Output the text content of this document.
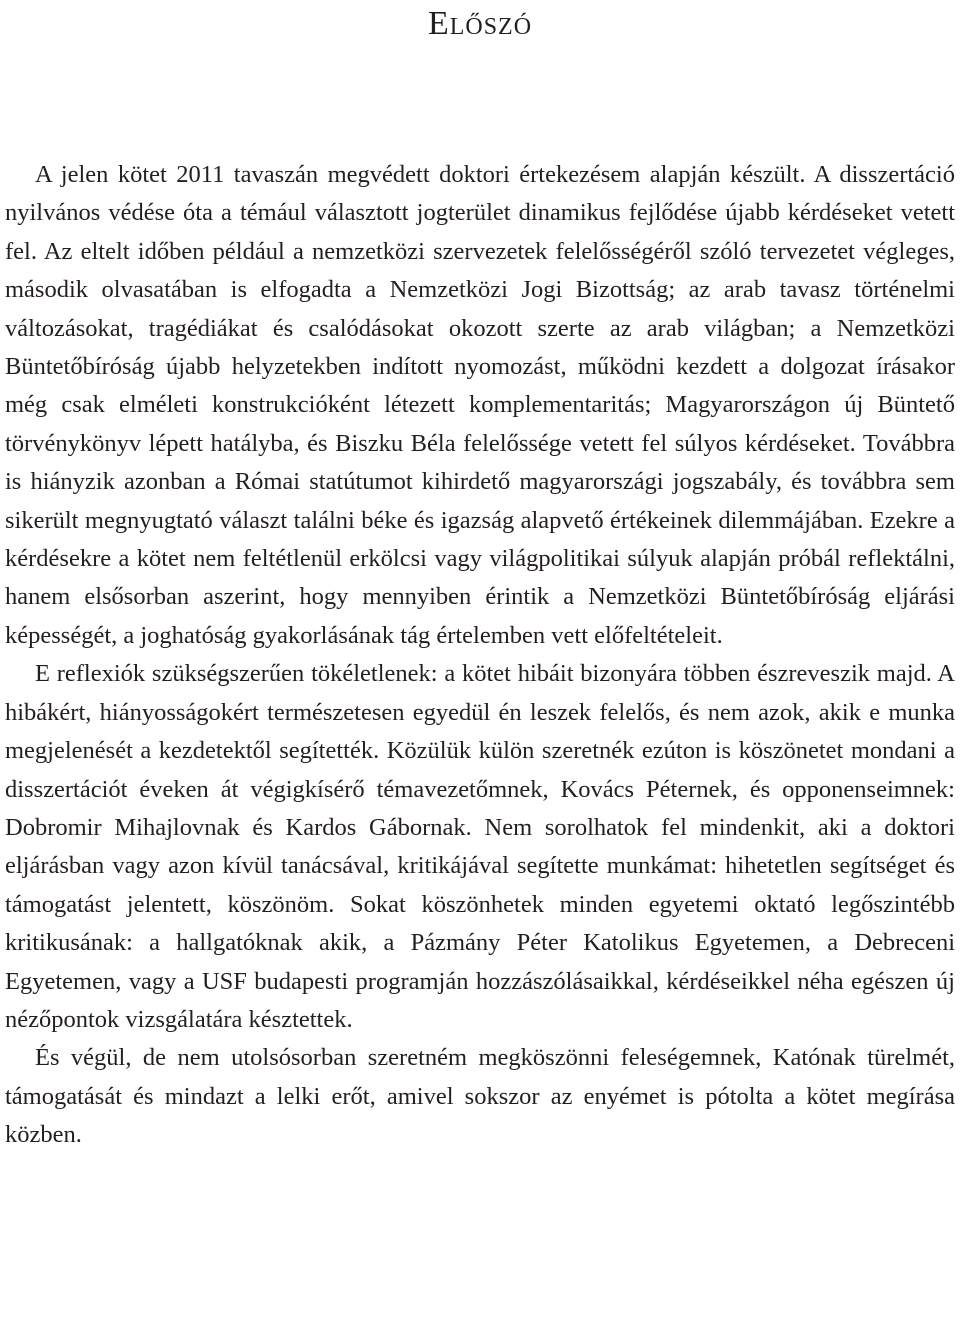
Előszó

A jelen kötet 2011 tavaszán megvédett doktori értekezésem alapján készült. A disszertáció nyilvános védése óta a témául választott jogterület dinamikus fejlődése újabb kérdéseket vetett fel. Az eltelt időben például a nemzetközi szervezetek felelősségéről szóló tervezetet végleges, második olvasatában is elfogadta a Nemzetközi Jogi Bizottság; az arab tavasz történelmi változásokat, tragédiákat és csalódásokat okozott szerte az arab világban; a Nemzetközi Büntetőbíróság újabb helyzetekben indított nyomozást, működni kezdett a dolgozat írásakor még csak elméleti konstrukcióként létezett komplementaritás; Magyarországon új Büntető törvénykönyv lépett hatályba, és Biszku Béla felelőssége vetett fel súlyos kérdéseket. Továbbra is hiányzik azonban a Római statútumot kihirdető magyarországi jogszabály, és továbbra sem sikerült megnyugtató választ találni béke és igazság alapvető értékeinek dilemmájában. Ezekre a kérdésekre a kötet nem feltétlenül erkölcsi vagy világpolitikai súlyuk alapján próbál reflektálni, hanem elsősorban aszerint, hogy mennyiben érintik a Nemzetközi Büntetőbíróság eljárási képességét, a joghatóság gyakorlásának tág értelemben vett előfeltételeit.

E reflexiók szükségszerűen tökéletlenek: a kötet hibáit bizonyára többen észreveszik majd. A hibákért, hiányosságokért természetesen egyedül én leszek felelős, és nem azok, akik e munka megjelenését a kezdetektől segítették. Közülük külön szeretnék ezúton is köszönetet mondani a disszertációt éveken át végigkísérő témavezetőmnek, Kovács Péternek, és opponenseimnek: Dobromir Mihajlovnak és Kardos Gábornak. Nem sorolhatok fel mindenkit, aki a doktori eljárásban vagy azon kívül tanácsával, kritikájával segítette munkámat: hihetetlen segítséget és támogatást jelentett, köszönöm. Sokat köszönhetek minden egyetemi oktató legőszintébb kritikusának: a hallgatóknak akik, a Pázmány Péter Katolikus Egyetemen, a Debreceni Egyetemen, vagy a USF budapesti programján hozzászólásaikkal, kérdéseikkel néha egészen új nézőpontok vizsgálatára késztettek.

És végül, de nem utolsósorban szeretném megköszönni feleségemnek, Katónak türelmét, támogatását és mindazt a lelki erőt, amivel sokszor az enyémet is pótolta a kötet megírása közben.
